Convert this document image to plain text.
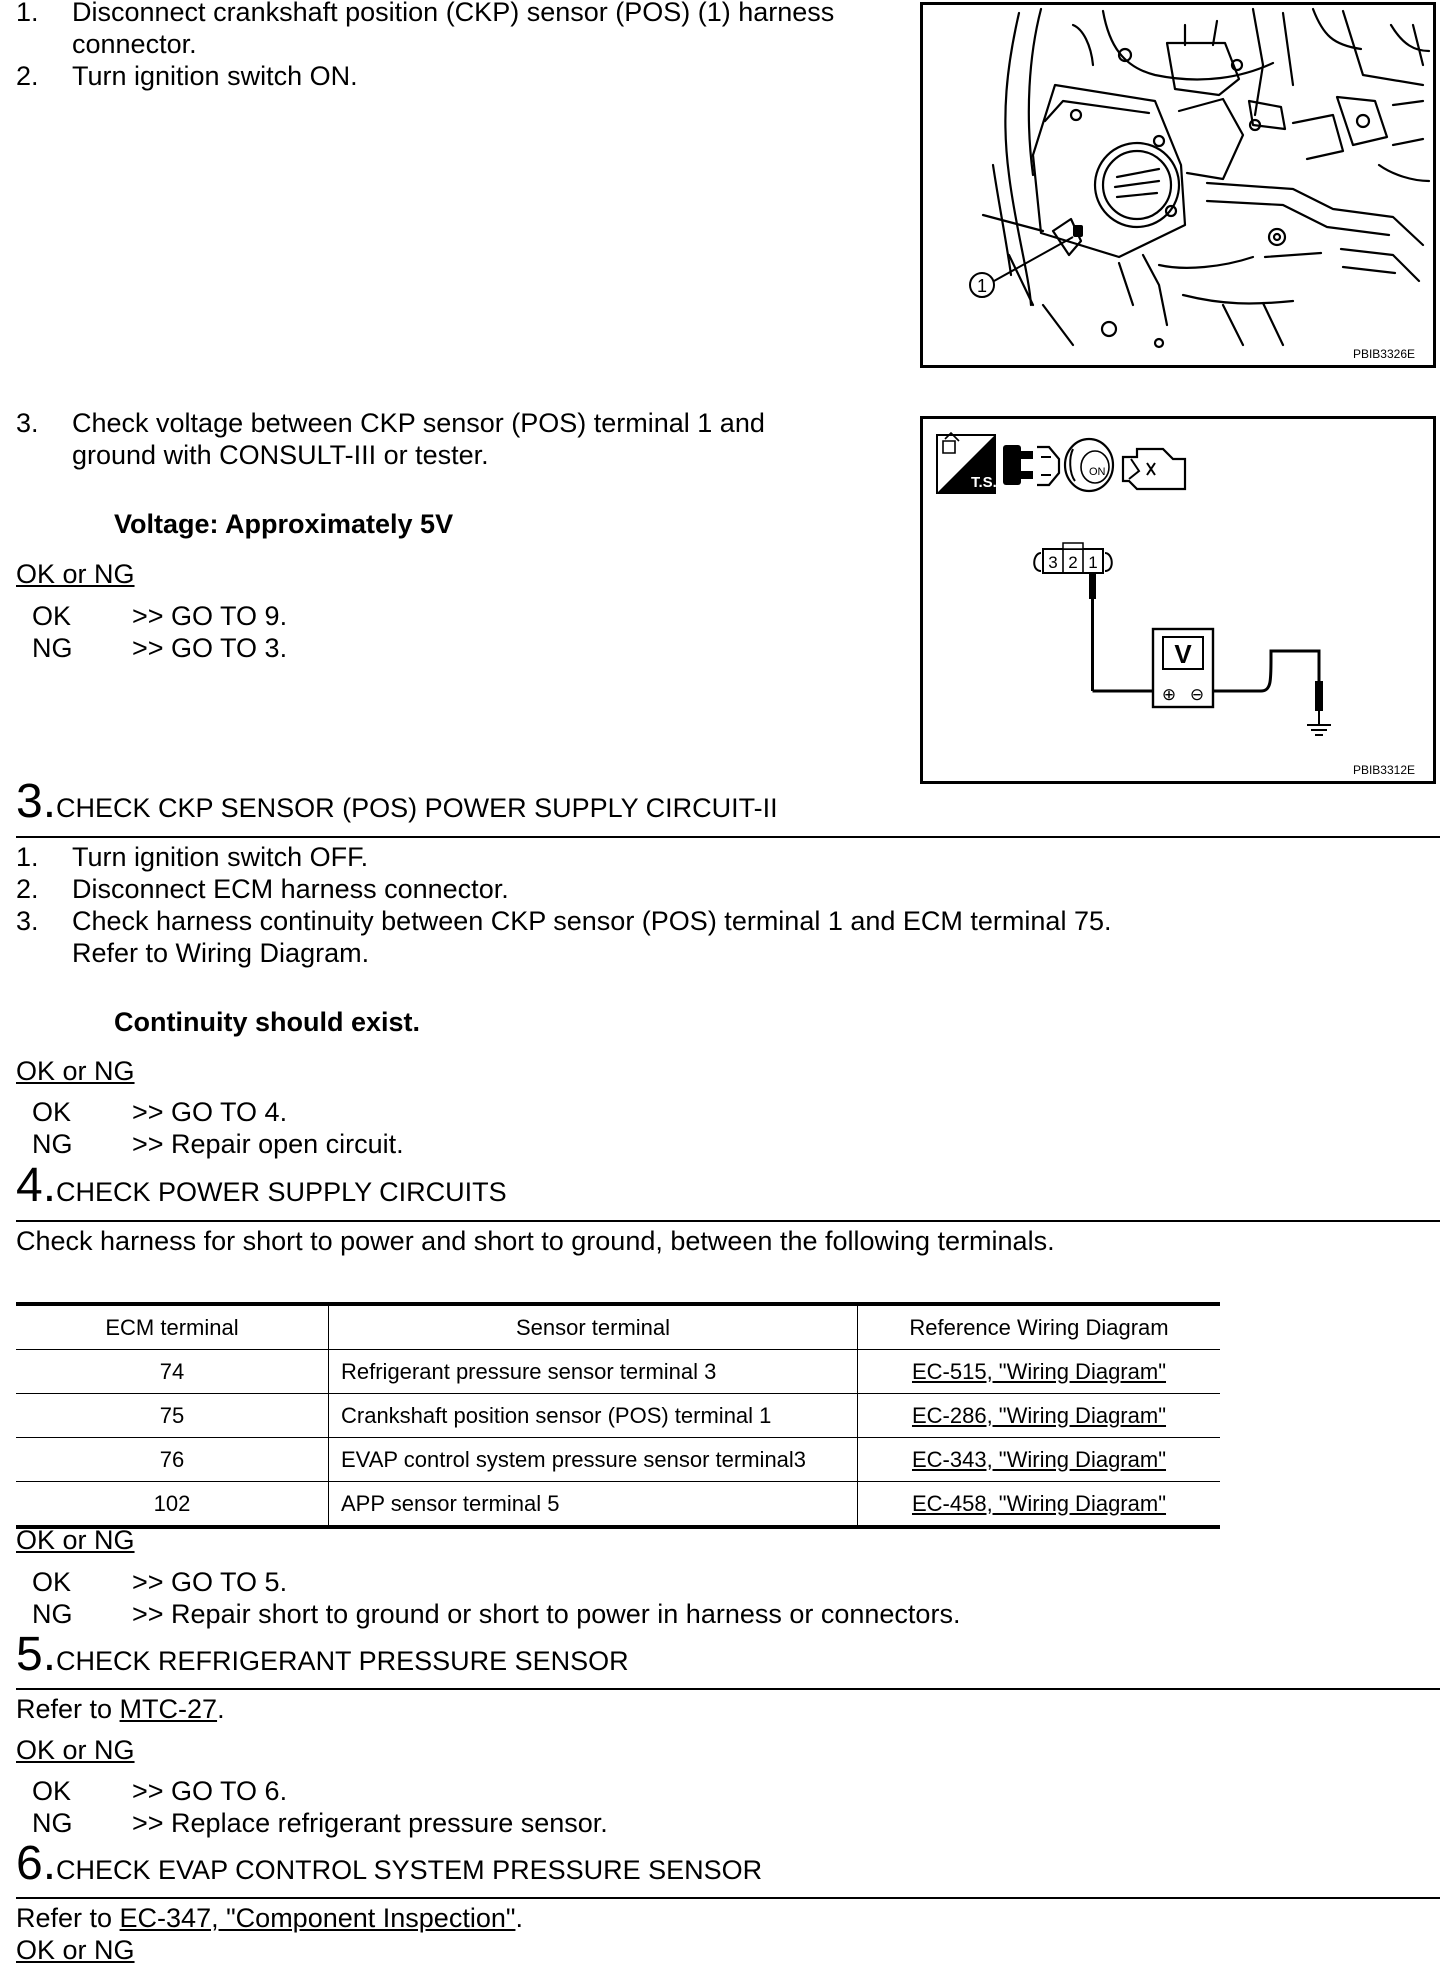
1. Disconnect crankshaft position (CKP) sensor (POS) (1) harness
connector.
2. Turn ignition switch ON.
1
PBIB3326E
3. Check voltage between CKP sensor (POS) terminal 1 and
ground with CONSULT-III or tester.
Voltage: Approximately 5V
OK or NG
OK >> GO TO 9.
NG >> GO TO 3.
T.S.
ON
3 2 1
V
⊕ ⊖
PBIB3312E
3.CHECK CKP SENSOR (POS) POWER SUPPLY CIRCUIT-II
1. Turn ignition switch OFF.
2. Disconnect ECM harness connector.
3. Check harness continuity between CKP sensor (POS) terminal 1 and ECM terminal 75.
Refer to Wiring Diagram.
Continuity should exist.
OK or NG
OK >> GO TO 4.
NG >> Repair open circuit.
4.CHECK POWER SUPPLY CIRCUITS
Check harness for short to power and short to ground, between the following terminals.
ECM terminal	Sensor terminal	Reference Wiring Diagram
74	Refrigerant pressure sensor terminal 3	EC-515, "Wiring Diagram"
75	Crankshaft position sensor (POS) terminal 1	EC-286, "Wiring Diagram"
76	EVAP control system pressure sensor terminal3	EC-343, "Wiring Diagram"
102	APP sensor terminal 5	EC-458, "Wiring Diagram"
OK or NG
OK >> GO TO 5.
NG >> Repair short to ground or short to power in harness or connectors.
5.CHECK REFRIGERANT PRESSURE SENSOR
Refer to MTC-27.
OK or NG
OK >> GO TO 6.
NG >> Replace refrigerant pressure sensor.
6.CHECK EVAP CONTROL SYSTEM PRESSURE SENSOR
Refer to EC-347, "Component Inspection".
OK or NG
